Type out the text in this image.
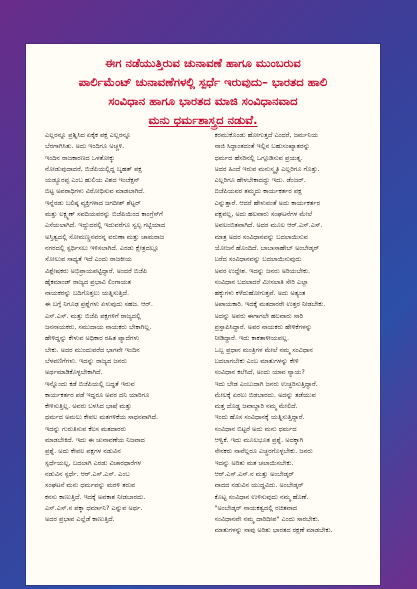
ಈಗ ನಡೆಯುತ್ತಿರುವ ಚುನಾವಣೆ ಹಾಗೂ ಮುಂಬರುವ
ಪಾರ್ಲಿಮೆಂಟ್ ಚುನಾವಣೆಗಳಲ್ಲಿ ಸ್ಪರ್ಧೆ ಇರುವುದು– ಭಾರತದ ಹಾಲಿ
ಸಂವಿಧಾನ ಹಾಗೂ ಭಾರತದ ಮಾಜಿ ಸಂವಿಧಾನವಾದ
ಮನು ಧರ್ಮಶಾಸ್ತ್ರದ ನಡುವೆ.

ಎಲ್ಲರನ್ನೂ ಪ್ರಶ್ನಿಸಿದ ಏಕೈಕ ಪಕ್ಷ ಎಲ್ಲರನ್ನೂ
ಬೆರಗಾಗಿಸಿತು. ಅದು ಇಂದಿಗೂ ಅಚ್ಚಳಿ.
ಇಂದಿನ ರಾಜಕಾರಣದ ಒಳತೋಕ್ಕು
ನೋಡುವುದಾದರೆ, ಬಿಜೆಪಿಯಲ್ಲಿದ್ದ ಬೃಹತ್ ಪಕ್ಷ
ಯಡ್ಯೂರಪ್ಪ ಎಂಬ ಹುಲಿಯ ವಿಶದ ಇಂಜೆಕ್ಷನ್
ಬಿಟ್ಟ ಅಪರಾಧಿಗಳು ವಿರೋಧಿಸುವ ಮಾಡಲಾಗಿದೆ.
ಇನ್ನೆರಡು ಬಲಿಷ್ಠ ವ್ಯಕ್ತಿಗಳಾದ ಜಗದೀಶ್ ಶೆಟ್ಟರ್
ಮತ್ತು ಲಕ್ಷ್ಮಣ್ ಸವದಿಯವರನ್ನು ಬಿಜೆಪಿಯಿಂದ ಕಾಂಗ್ರೆಸ್‌ಗೆ
ಎಸೆಯಲಾಗಿದೆ. ಇದ್ದುದರಲ್ಲಿ ಇದುವರೆಗೂ ಸ್ವಲ್ಪ ಗಟ್ಟಿಯಾದ
ಅಸ್ತಿತ್ವದಲ್ಲಿ ಸೋಮಣ್ಣನವರನ್ನ ವರುಣಾ ಮತ್ತು ಚಾಮರಾಜ
ನಗರದಲ್ಲಿ ಸ್ಪರ್ಧಿಸಲು ಇಳಿಸಲಾಗಿದೆ. ಎರಡು ಕ್ಷೇತ್ರದಲ್ಲೂ
ಸೋಲುವ ಸಾಧ್ಯತೆ ಇದೆ ಎಂದು ರಾಜಕೀಯ
ವಿಶ್ಲೇಷಕರು ಅಭಿಪ್ರಾಯಪಟ್ಟಿದ್ದಾರೆ. ಅಂದರೆ ಬಿಜೆಪಿ
ಹೈಕಮಾಂಡ್ ರಾಜ್ಯದ ಪ್ರಭಾವಿ ಲಿಂಗಾಯತ
ನಾಯಕರನ್ನು ಬದಿಗೊತ್ತಲು ಯತ್ನಿಸುತ್ತಿದೆ.
ಈ ಬಗ್ಗೆ ನಿಗೂಢ ಪ್ರಶ್ನೆಗಳು ಏಳುವುದು ಸಹಜ. ಆರ್.
ಎಸ್.ಎಸ್. ಮತ್ತು ಬಿಜೆಪಿ ಪಕ್ಷಗಳಿಗೆ ರಾಜ್ಯದಲ್ಲಿ
ಜನನಾಯಕರು, ಸಮುದಾಯ ನಾಯಕರು ಬೇಕಾಗಿಲ್ಲ.
ಹೇಳಿದ್ದನ್ನು ಕೇಳುವ ಅಧಿಕಾರ ರಹಿತ ಪ್ಯಾದೆಗಳು
ಬೇಕು. ಅದರ ಮುಂದುವರೆದ ಭಾಗವೇ ಇಂದಿನ
ಬೆಳವಣಿಗೆಗಳು. ಇದನ್ನು ರಾಜ್ಯದ ಜನರು
ಅರ್ಥಮಾಡಿಕೊಳ್ಳಬೇಕಾಗಿದೆ.
ಇನ್ನೊಂದು ಕಡೆ ಬಿಜೆಪಿಯಲ್ಲಿ ಬದ್ಧತೆ ಇರುವ
ಕಾರ್ಯಕರ್ತರ ಪಡೆ ಇದ್ದರೂ ಅವರ ದನಿ ಯಾರಿಗೂ
ಕೇಳಿಸುತ್ತಿಲ್ಲ. ಅವರು ಬಳಸಿದ ಭಾಷೆ ಮತ್ತು
ಧರ್ಮದ ಅಮಲು ಕೇವಲ ಮತಗಳಿಕೆಯ ಸಾಧನವಾಗಿದೆ.
ಇದನ್ನು ಗುರುತಿಸುವ ಕೆಲಸ ಮತದಾರರು
ಮಾಡಬೇಕಿದೆ. ಇದು ಈ ಚುನಾವಣೆಯ ನಿಜವಾದ
ಪ್ರಶ್ನೆ. ಅದು ಕೇವಲ ಪಕ್ಷಗಳ ನಡುವಿನ
ಸ್ಪರ್ಧೆಯಲ್ಲ, ಬದಲಾಗಿ ಎರಡು ವಿಚಾರಧಾರೆಗಳ
ನಡುವಿನ ಸ್ಪರ್ಧೆ. ಆರ್.ಎಸ್.ಎಸ್. ಎಂಬ
ಸಂಘಟನೆ ಮನು ಧರ್ಮವನ್ನು ಮರಳಿ ತರುವ
ಕನಸು ಕಾಣುತ್ತಿದೆ. ಇದಕ್ಕೆ ಅವಕಾಶ ನೀಡಬಾರದು.
ಎಸ್.ಎಸ್.ನ ಪಕ್ಕಾ ಧರ್ಮಾನಿ? ಎನ್ನುವ ಅರ್ಥ.
ಅದರ ಪ್ರಭಾವ ಎಲ್ಲೆಡೆ ಕಾಣುತ್ತಿದೆ.

ಕರಮುಕೊಂಡು ಹೋಗುತ್ತದೆ ಎಂದರೆ, ಜರ್ಮನಿಯ
ನಾಜಿ ಸಿದ್ಧಾಂತದಂತೆ ಇಲ್ಲಿನ ಬಹುಸಂಖ್ಯಾತರನ್ನು
ಧರ್ಮದ ಹೆಸರಿನಲ್ಲಿ ಒಗ್ಗೂಡಿಸುವ ಪ್ರಯತ್ನ.
ಅದರ ಹಿಂದೆ ಇರುವ ಮನುಸ್ಮೃತಿ ಎಲ್ಲರಿಗೂ ಗೊತ್ತು.
ಎಲ್ಲರಿಗೂ ಹೇಳಬೇಕಾದದ್ದು ಇದು. ಡೆಂಜರ್.
ಬಿಜೆಪಿಯವರ ತಮ್ಮದು ಕಾರ್ಯಕರ್ತರ ಪಕ್ಷ
ಎನ್ನುತ್ತಾರೆ. ಆದರೆ ಹೇಳುವಂತೆ ಅದು ಕಾರ್ಯಕರ್ತರ
ಪಕ್ಷವಲ್ಲ, ಅದು ಹಲವಾರು ಸಂಘಟನೆಗಳ ಮೇಲೆ
ಅವಲಂಬಿತವಾಗಿದೆ. ಅದರ ಮೂಲ ಆರ್.ಎಸ್.ಎಸ್.
ಮಾತ್ರ ಅದರ ಸಂವಿಧಾನವನ್ನು ಬದಲಾಯಿಸುವ
ಯೋಜನೆ ಹೊಂದಿದೆ. ಬಾಬಾಸಾಹೇಬ್ ಅಂಬೇಡ್ಕರ್
ಬರೆದ ಸಂವಿಧಾನವನ್ನು ಬದಲಾಯಿಸುವುದು
ಅವರ ಉದ್ದೇಶ. ಇದನ್ನು ಜನರು ಅರಿಯಬೇಕು.
ಸಂವಿಧಾನ ಬದಲಾದರೆ ಮೀಸಲಾತಿ ಸೇರಿ ಎಲ್ಲಾ
ಹಕ್ಕುಗಳು ಕಳೆದುಹೋಗುತ್ತವೆ. ಅದು ಅತ್ಯಂತ
ಅಪಾಯಕಾರಿ. ಇದಕ್ಕೆ ಮತದಾರರೇ ಉತ್ತರ ನೀಡಬೇಕು.
ಅದನ್ನು ಅವರು ಈಗಾಗಲೇ ಹಲವಾರು ಸಾರಿ
ಪ್ರಸ್ತಾಪಿಸಿದ್ದಾರೆ. ಅವರ ನಾಯಕರು ಹೇಳಿಕೆಗಳನ್ನು
ನೀಡಿದ್ದಾರೆ. ಇದು ಕಾಕತಾಳೀಯವಲ್ಲ.
ಒಬ್ಬ ಪ್ರಧಾನ ಮಂತ್ರಿಗಳ ಮೇಲೆ ನಮ್ಮ ಸಂವಿಧಾನ
ಬದಲಾಗಬೇಕು ಎಂಬ ಮಾತುಗಳನ್ನು ಕೇಳಿ
ಸಂವಿಧಾನ ಕಲೆಸಿದೆ, ಅಂದು ಯಾವ ನ್ಯಾಯ?
ಇದು ಬೇಡ ಎಂಬುದಾಗಿ ಜನರು ಉಚ್ಛರಿಸುತ್ತಿದ್ದಾರೆ.
ಮೇಲಕ್ಕೆ ಏರಲು ಬಿಡಬಾರದು. ಅದನ್ನು ತಡೆಯುವ
ಮತ್ತ ದೊಡ್ಡ ಜವಾಬ್ದಾರಿ ನಮ್ಮ ಮೇಲಿದೆ.
ಇಂದು ಹೊಸ ಸಂವಿಧಾನಕ್ಕೆ ಯತ್ನಿಸುತ್ತಿದ್ದಾರೆ.
ಸಂವಿಧಾನ ಬಿಟ್ಟರೆ ಅದು ಮನು ಧರ್ಮದ
ಆಳ್ವಿಕೆ. ಇದು ಮೂಲಭೂತ ಪ್ರಶ್ನೆ. ಅದಕ್ಕಾಗಿ
ಸೇನಕರು ನಾವೆಲ್ಲರೂ ಎಚ್ಚರಗೊಳ್ಳಬೇಕು. ಜನರು
ಇದನ್ನು ಅರಿತು ಮತ ಚಲಾಯಿಸಬೇಕು.
ಆರ್.ಎಸ್.ಎಸ್.ನ ಮತ್ತು ಅಂಬೇಡ್ಕರ್
ವಾದದ ನಡುವಿನ ಯುದ್ಧವಿದು. ಅಂಬೇಡ್ಕರ್
ಕೊಟ್ಟ ಸಂವಿಧಾನ ಉಳಿಸುವುದು ನಮ್ಮ ಹೊಣೆ.
"ಅಂಬೇಡ್ಕರ್ ನಾಯಕತ್ವದಲ್ಲಿ ರಚಿತವಾದ
ಸಂವಿಧಾನವೇ ನಮ್ಮ ದಾರಿದೀಪ" ಎಂದು ಸಾರಬೇಕು.
ಮಾತುಗಳನ್ನು ನಾವು ಅರಿತು ಭಾರತದ ರಕ್ಷಣೆ ಮಾಡಬೇಕು.
